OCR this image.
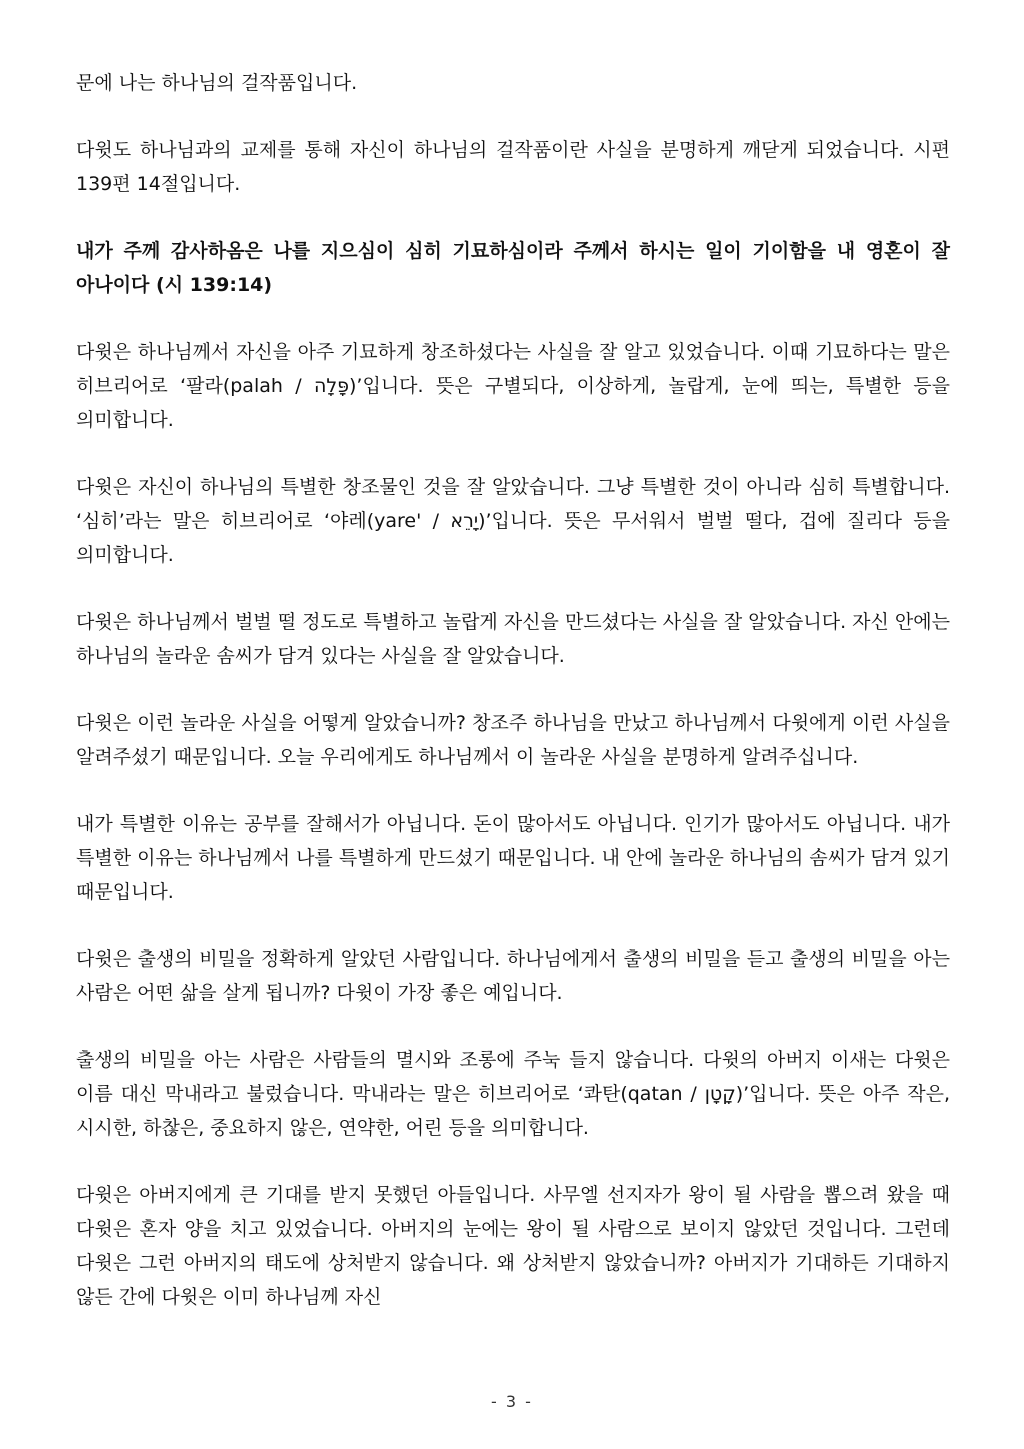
문에 나는 하나님의 걸작품입니다.

다윗도 하나님과의 교제를 통해 자신이 하나님의 걸작품이란 사실을 분명하게 깨닫게 되었습니다. 시편 139편 14절입니다.

내가 주께 감사하옴은 나를 지으심이 심히 기묘하심이라 주께서 하시는 일이 기이함을 내 영혼이 잘 아나이다 (시 139:14)

다윗은 하나님께서 자신을 아주 기묘하게 창조하셨다는 사실을 잘 알고 있었습니다. 이때 기묘하다는 말은 히브리어로 ‘팔라(palah / פָּלָה)’입니다. 뜻은 구별되다, 이상하게, 놀랍게, 눈에 띄는, 특별한 등을 의미합니다.

다윗은 자신이 하나님의 특별한 창조물인 것을 잘 알았습니다. 그냥 특별한 것이 아니라 심히 특별합니다. ‘심히’라는 말은 히브리어로 ‘야레(yare' / יָרֵא)’입니다. 뜻은 무서워서 벌벌 떨다, 겁에 질리다 등을 의미합니다.

다윗은 하나님께서 벌벌 떨 정도로 특별하고 놀랍게 자신을 만드셨다는 사실을 잘 알았습니다. 자신 안에는 하나님의 놀라운 솜씨가 담겨 있다는 사실을 잘 알았습니다.

다윗은 이런 놀라운 사실을 어떻게 알았습니까? 창조주 하나님을 만났고 하나님께서 다윗에게 이런 사실을 알려주셨기 때문입니다. 오늘 우리에게도 하나님께서 이 놀라운 사실을 분명하게 알려주십니다.

내가 특별한 이유는 공부를 잘해서가 아닙니다. 돈이 많아서도 아닙니다. 인기가 많아서도 아닙니다. 내가 특별한 이유는 하나님께서 나를 특별하게 만드셨기 때문입니다. 내 안에 놀라운 하나님의 솜씨가 담겨 있기 때문입니다.

다윗은 출생의 비밀을 정확하게 알았던 사람입니다. 하나님에게서 출생의 비밀을 듣고 출생의 비밀을 아는 사람은 어떤 삶을 살게 됩니까? 다윗이 가장 좋은 예입니다.

출생의 비밀을 아는 사람은 사람들의 멸시와 조롱에 주눅 들지 않습니다. 다윗의 아버지 이새는 다윗은 이름 대신 막내라고 불렀습니다. 막내라는 말은 히브리어로 ‘콰탄(qatan / קָטָן)’입니다. 뜻은 아주 작은, 시시한, 하찮은, 중요하지 않은, 연약한, 어린 등을 의미합니다.

다윗은 아버지에게 큰 기대를 받지 못했던 아들입니다. 사무엘 선지자가 왕이 될 사람을 뽑으려 왔을 때 다윗은 혼자 양을 치고 있었습니다. 아버지의 눈에는 왕이 될 사람으로 보이지 않았던 것입니다. 그런데 다윗은 그런 아버지의 태도에 상처받지 않습니다. 왜 상처받지 않았습니까? 아버지가 기대하든 기대하지 않든 간에 다윗은 이미 하나님께 자신

- 3 -
